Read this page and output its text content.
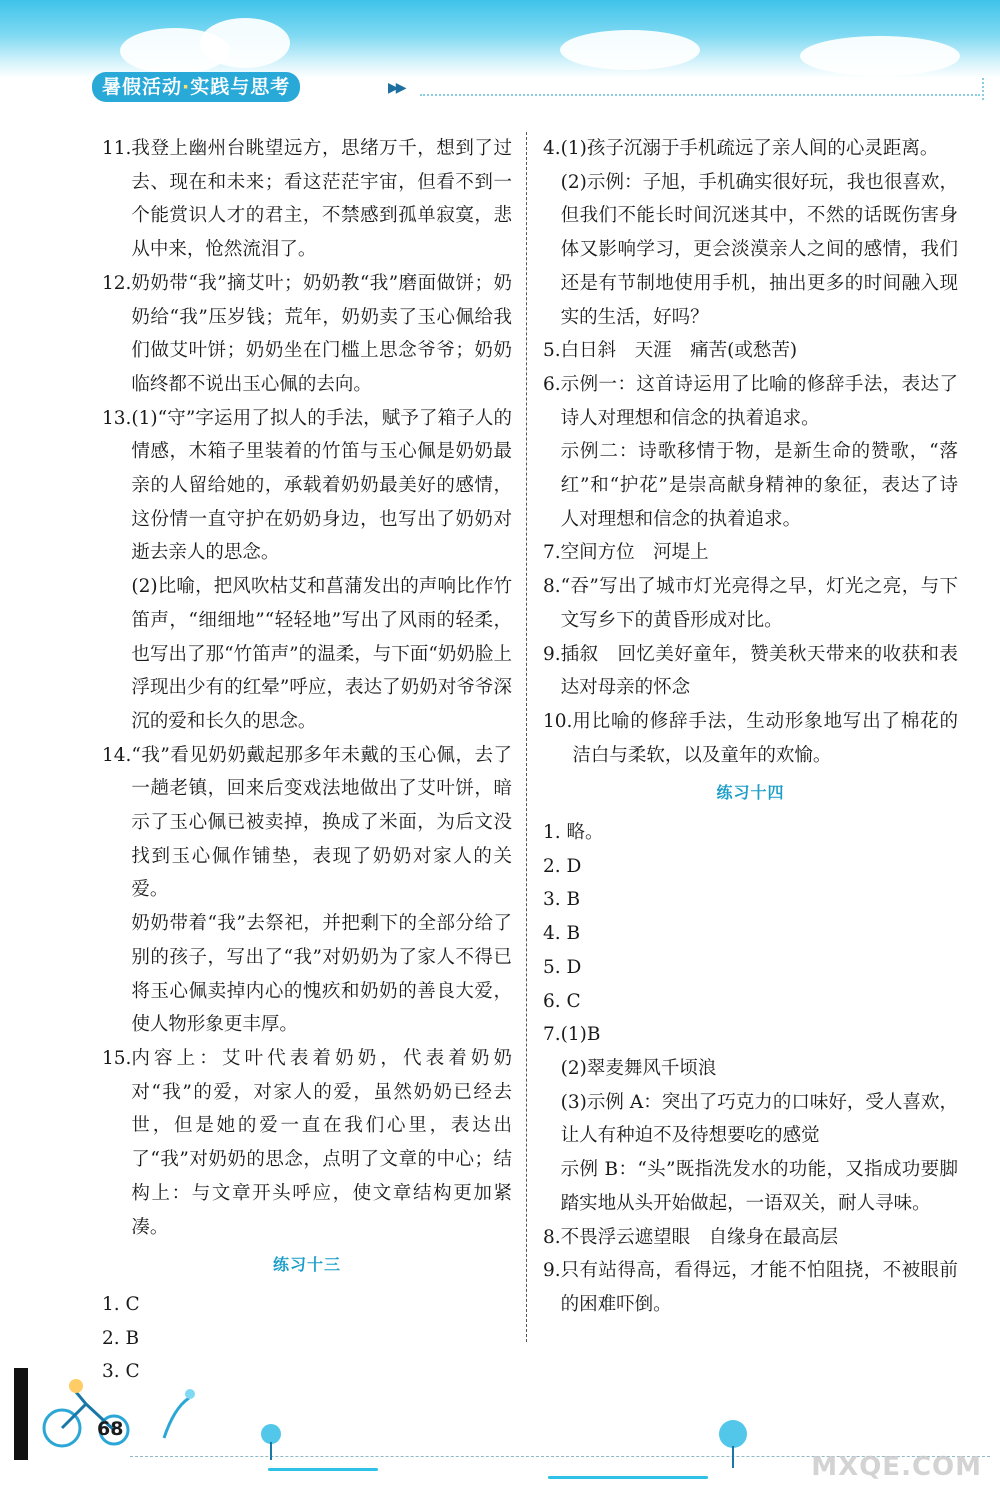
暑假活动·实践与思考	▶▶
11. 我登上幽州台眺望远方，思绪万千，想到了过去、现在和未来；看这茫茫宇宙，但看不到一个能赏识人才的君主，不禁感到孤单寂寞，悲从中来，怆然流泪了。
12. 奶奶带“我”摘艾叶；奶奶教“我”磨面做饼；奶奶给“我”压岁钱；荒年，奶奶卖了玉心佩给我们做艾叶饼；奶奶坐在门槛上思念爷爷；奶奶临终都不说出玉心佩的去向。
13. (1)“守”字运用了拟人的手法，赋予了箱子人的情感，木箱子里装着的竹笛与玉心佩是奶奶最亲的人留给她的，承载着奶奶最美好的感情，这份情一直守护在奶奶身边，也写出了奶奶对逝去亲人的思念。
(2)比喻，把风吹枯艾和菖蒲发出的声响比作竹笛声，“细细地”“轻轻地”写出了风雨的轻柔，也写出了那“竹笛声”的温柔，与下面“奶奶脸上浮现出少有的红晕”呼应，表达了奶奶对爷爷深沉的爱和长久的思念。
14. “我”看见奶奶戴起那多年未戴的玉心佩，去了一趟老镇，回来后变戏法地做出了艾叶饼，暗示了玉心佩已被卖掉，换成了米面，为后文没找到玉心佩作铺垫，表现了奶奶对家人的关爱。
奶奶带着“我”去祭祀，并把剩下的全部分给了别的孩子，写出了“我”对奶奶为了家人不得已将玉心佩卖掉内心的愧疚和奶奶的善良大爱，使人物形象更丰厚。
15. 内容上：艾叶代表着奶奶，代表着奶奶对“我”的爱，对家人的爱，虽然奶奶已经去世，但是她的爱一直在我们心里，表达出了“我”对奶奶的思念，点明了文章的中心；结构上：与文章开头呼应，使文章结构更加紧凑。
练习十三
1. C
2. B
3. C
4. (1)孩子沉溺于手机疏远了亲人间的心灵距离。
(2)示例：子旭，手机确实很好玩，我也很喜欢，但我们不能长时间沉迷其中，不然的话既伤害身体又影响学习，更会淡漠亲人之间的感情，我们还是有节制地使用手机，抽出更多的时间融入现实的生活，好吗？
5. 白日斜　天涯　痛苦(或愁苦)
6. 示例一：这首诗运用了比喻的修辞手法，表达了诗人对理想和信念的执着追求。
示例二：诗歌移情于物，是新生命的赞歌，“落红”和“护花”是崇高献身精神的象征，表达了诗人对理想和信念的执着追求。
7. 空间方位　河堤上
8. “吞”写出了城市灯光亮得之早，灯光之亮，与下文写乡下的黄昏形成对比。
9. 插叙　回忆美好童年，赞美秋天带来的收获和表达对母亲的怀念
10. 用比喻的修辞手法，生动形象地写出了棉花的洁白与柔软，以及童年的欢愉。
练习十四
1. 略。
2. D
3. B
4. B
5. D
6. C
7. (1)B
(2)翠麦舞风千顷浪
(3)示例 A：突出了巧克力的口味好，受人喜欢，让人有种迫不及待想要吃的感觉
示例 B：“头”既指洗发水的功能，又指成功要脚踏实地从头开始做起，一语双关，耐人寻味。
8. 不畏浮云遮望眼　自缘身在最高层
9. 只有站得高，看得远，才能不怕阻挠，不被眼前的困难吓倒。
68
MXQE.COM
